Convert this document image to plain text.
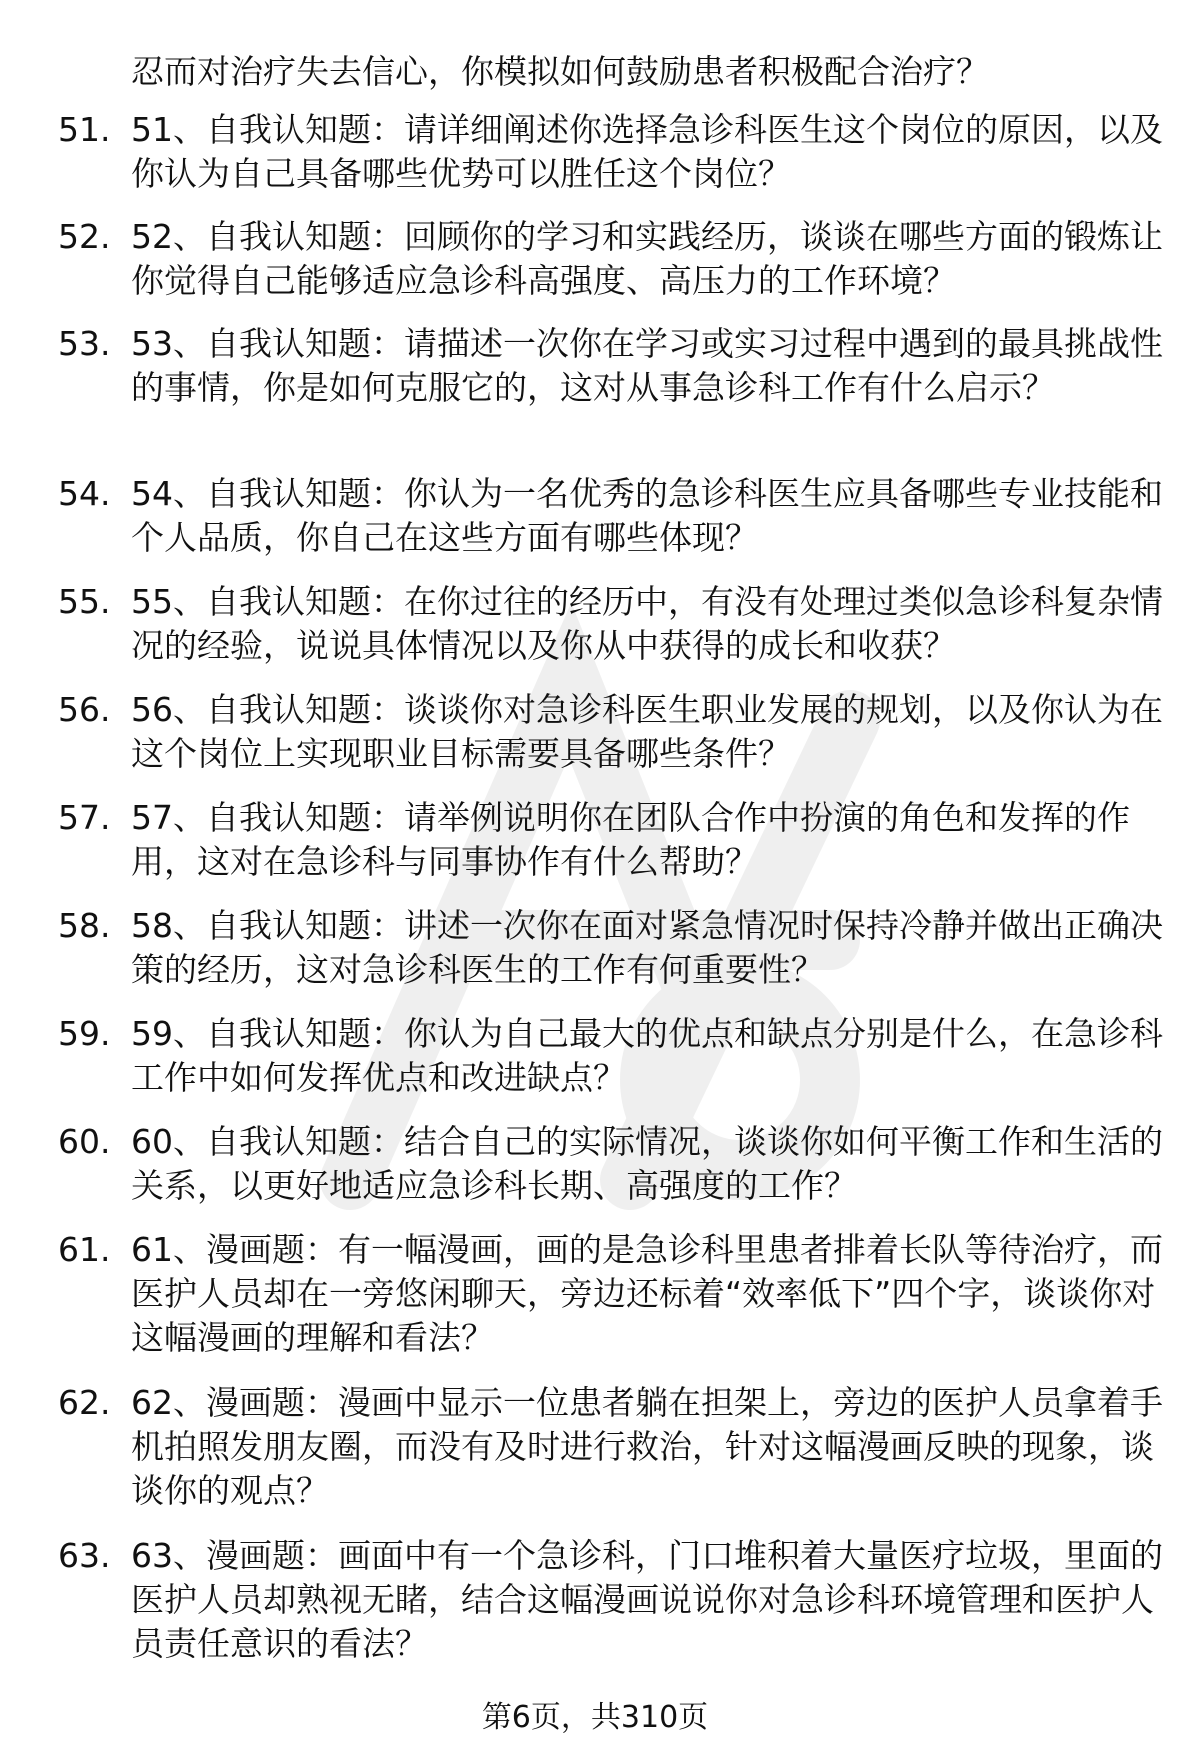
忍而对治疗失去信心，你模拟如何鼓励患者积极配合治疗？
51. 51、自我认知题：请详细阐述你选择急诊科医生这个岗位的原因，以及你认为自己具备哪些优势可以胜任这个岗位？
52. 52、自我认知题：回顾你的学习和实践经历，谈谈在哪些方面的锻炼让你觉得自己能够适应急诊科高强度、高压力的工作环境？
53. 53、自我认知题：请描述一次你在学习或实习过程中遇到的最具挑战性的事情，你是如何克服它的，这对从事急诊科工作有什么启示？
54. 54、自我认知题：你认为一名优秀的急诊科医生应具备哪些专业技能和个人品质，你自己在这些方面有哪些体现？
55. 55、自我认知题：在你过往的经历中，有没有处理过类似急诊科复杂情况的经验，说说具体情况以及你从中获得的成长和收获？
56. 56、自我认知题：谈谈你对急诊科医生职业发展的规划，以及你认为在这个岗位上实现职业目标需要具备哪些条件？
57. 57、自我认知题：请举例说明你在团队合作中扮演的角色和发挥的作用，这对在急诊科与同事协作有什么帮助？
58. 58、自我认知题：讲述一次你在面对紧急情况时保持冷静并做出正确决策的经历，这对急诊科医生的工作有何重要性？
59. 59、自我认知题：你认为自己最大的优点和缺点分别是什么，在急诊科工作中如何发挥优点和改进缺点？
60. 60、自我认知题：结合自己的实际情况，谈谈你如何平衡工作和生活的关系，以更好地适应急诊科长期、高强度的工作？
61. 61、漫画题：有一幅漫画，画的是急诊科里患者排着长队等待治疗，而医护人员却在一旁悠闲聊天，旁边还标着“效率低下”四个字，谈谈你对这幅漫画的理解和看法？
62. 62、漫画题：漫画中显示一位患者躺在担架上，旁边的医护人员拿着手机拍照发朋友圈，而没有及时进行救治，针对这幅漫画反映的现象，谈谈你的观点？
63. 63、漫画题：画面中有一个急诊科，门口堆积着大量医疗垃圾，里面的医护人员却熟视无睹，结合这幅漫画说说你对急诊科环境管理和医护人员责任意识的看法？
第6页，共310页
